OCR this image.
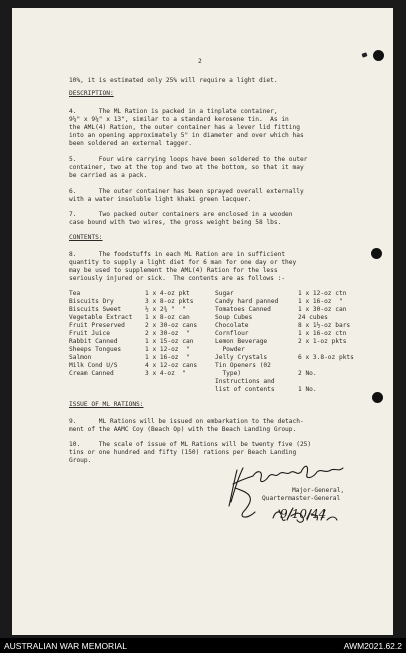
2
10%, it is estimated only 25% will require a light diet.
DESCRIPTION:
4.      The ML Ration is packed in a tinplate container,
9¼" x 9¼" x 13", similar to a standard kerosene tin.  As in
the AML(4) Ration, the outer container has a lever lid fitting
into an opening approximately 5" in diameter and over which has
been soldered an external tagger.
5.      Four wire carrying loops have been soldered to the outer
container, two at the top and two at the bottom, so that it may
be carried as a pack.
6.      The outer container has been sprayed overall externally
with a water insoluble light khaki green lacquer.
7.      Two packed outer containers are enclosed in a wooden
case bound with two wires, the gross weight being 58 lbs.
CONTENTS:
8.      The foodstuffs in each ML Ration are in sufficient
quantity to supply a light diet for 6 man for one day or they
may be used to supplement the AML(4) Ration for the less
seriously injured or sick.  The contents are as follows :-
Tea	1 x 4-oz pkt
Biscuits Dry	3 x 8-oz pkts
Biscuits Sweet	½ x 2¾ "  "
Vegetable Extract 1 x 8-oz can
Fruit Preserved	2 x 30-oz cans
Fruit Juice	2 x 30-oz  "
Rabbit Canned	1 x 15-oz can
Sheeps Tongues	1 x 12-oz  "
Salmon	1 x 16-oz  "
Milk Cond U/S	4 x 12-oz cans
Cream Canned	3 x 4-oz  "
Sugar	1 x 12-oz ctn
Candy hard panned	1 x 16-oz  "
Tomatoes Canned	1 x 30-oz can
Soup Cubes	24 cubes
Chocolate	8 x 1½-oz bars
Cornflour	1 x 16-oz ctn
Lemon Beverage	2 x 1-oz pkts
Powder
Jelly Crystals	6 x 3.8-oz pkts
Tin Openers (02
Type)	2 No.
Instructions and
list of contents	1 No.
ISSUE OF ML RATIONS:
9.      ML Rations will be issued on embarkation to the detach-
ment of the AAMC Coy (Beach Op) with the Beach Landing Group.
10.     The scale of issue of ML Rations will be twenty five (25)
tins or one hundred and fifty (150) rations per Beach Landing
Group.
Major-General,
Quartermaster-General
9/10/44
AUSTRALIAN WAR MEMORIAL	AWM2021.62.2
